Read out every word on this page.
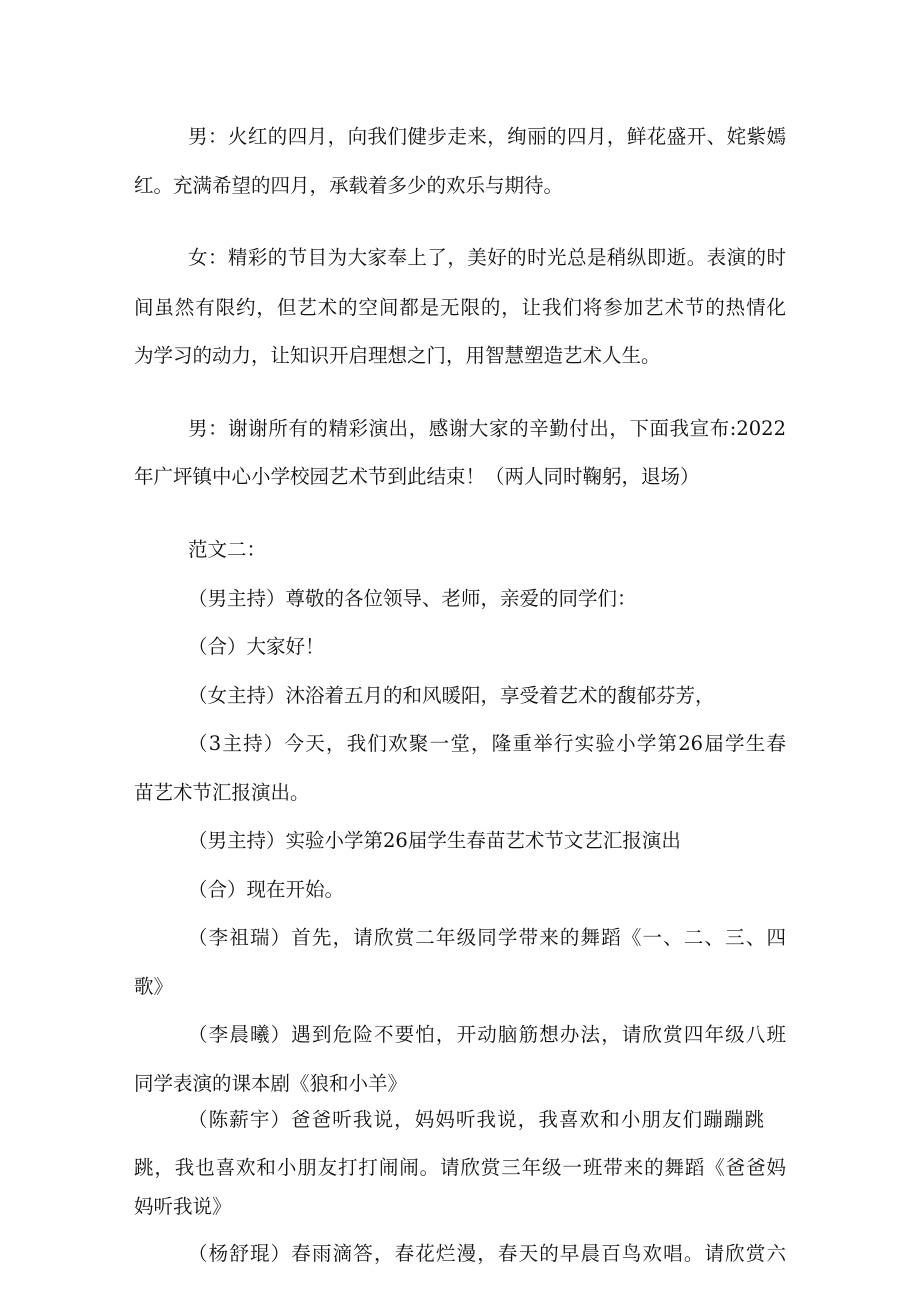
男：火红的四月，向我们健步走来，绚丽的四月，鲜花盛开、姹紫嫣

红。充满希望的四月，承载着多少的欢乐与期待。

女：精彩的节目为大家奉上了，美好的时光总是稍纵即逝。表演的时

间虽然有限约，但艺术的空间都是无限的，让我们将参加艺术节的热情化

为学习的动力，让知识开启理想之门，用智慧塑造艺术人生。

男：谢谢所有的精彩演出，感谢大家的辛勤付出，下面我宣布:2022

年广坪镇中心小学校园艺术节到此结束！（两人同时鞠躬，退场）

范文二：

（男主持）尊敬的各位领导、老师，亲爱的同学们：

（合）大家好！

（女主持）沐浴着五月的和风暖阳，享受着艺术的馥郁芬芳，

（3主持）今天，我们欢聚一堂，隆重举行实验小学第26届学生春

苗艺术节汇报演出。

（男主持）实验小学第26届学生春苗艺术节文艺汇报演出

（合）现在开始。

（李祖瑞）首先，请欣赏二年级同学带来的舞蹈《一、二、三、四

歌》

（李晨曦）遇到危险不要怕，开动脑筋想办法，请欣赏四年级八班

同学表演的课本剧《狼和小羊》

（陈薪宇）爸爸听我说，妈妈听我说，我喜欢和小朋友们蹦蹦跳

跳，我也喜欢和小朋友打打闹闹。请欣赏三年级一班带来的舞蹈《爸爸妈

妈听我说》

（杨舒琨）春雨滴答，春花烂漫，春天的早晨百鸟欢唱。请欣赏六
